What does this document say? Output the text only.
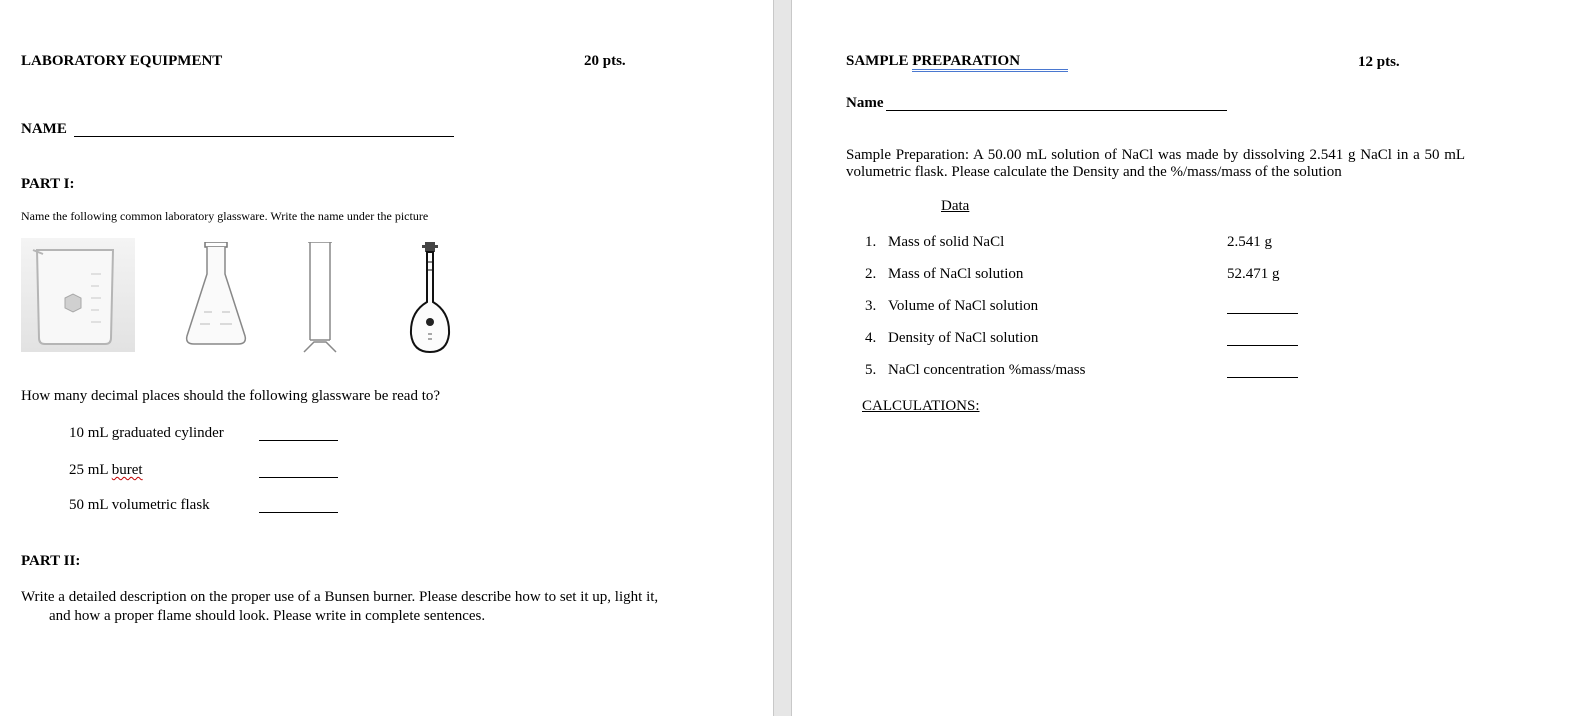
LABORATORY EQUIPMENT	20 pts.
NAME
PART I:
Name the following common laboratory glassware. Write the name under the picture
How many decimal places should the following glassware be read to?
10 mL graduated cylinder
25 mL buret
50 mL volumetric flask
PART II:
Write a detailed description on the proper use of a Bunsen burner. Please describe how to set it up, light it,
and how a proper flame should look. Please write in complete sentences.
SAMPLE PREPARATION	12 pts.
Name
Sample Preparation: A 50.00 mL solution of NaCl was made by dissolving 2.541 g NaCl in a 50 mL
volumetric flask. Please calculate the Density and the %/mass/mass of the solution
Data
1. Mass of solid NaCl	2.541 g
2. Mass of NaCl solution	52.471 g
3. Volume of NaCl solution
4. Density of NaCl solution
5. NaCl concentration %mass/mass
CALCULATIONS:
